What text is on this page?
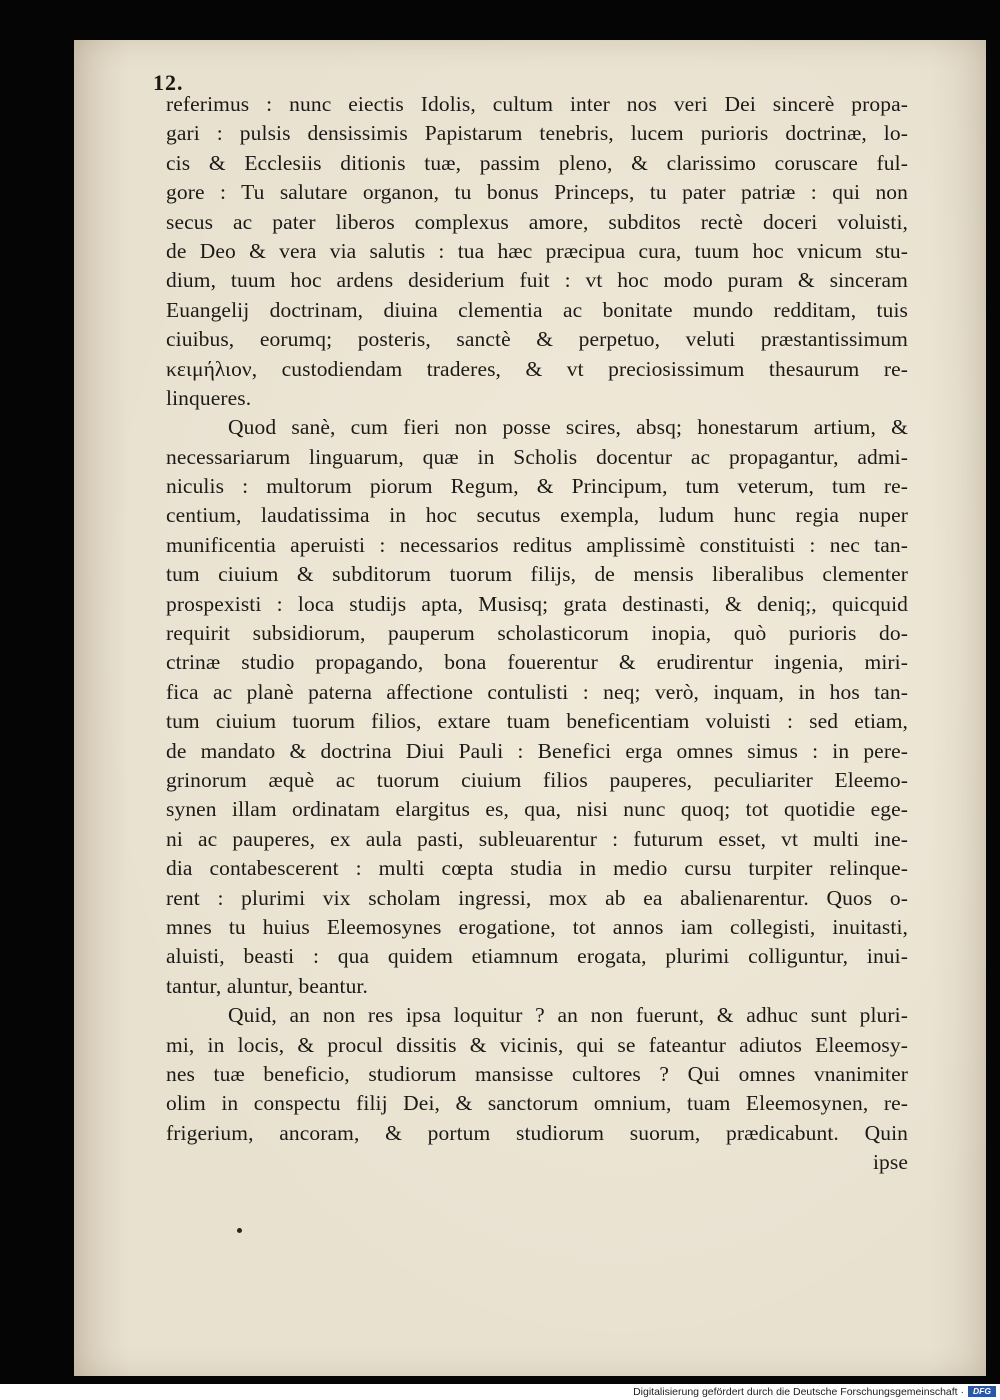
12.
referimus : nunc eiectis Idolis, cultum inter nos veri Dei sincerè propa-
gari : pulsis densissimis Papistarum tenebris, lucem purioris doctrinæ, lo-
cis & Ecclesiis ditionis tuæ, passim pleno, & clarissimo coruscare ful-
gore : Tu salutare organon, tu bonus Princeps, tu pater patriæ : qui non
secus ac pater liberos complexus amore, subditos rectè doceri voluisti,
de Deo & vera via salutis : tua hæc præcipua cura, tuum hoc vnicum stu-
dium, tuum hoc ardens desiderium fuit : vt hoc modo puram & sinceram
Euangelij doctrinam, diuina clementia ac bonitate mundo redditam, tuis
ciuibus, eorumq; posteris, sanctè & perpetuo, veluti præstantissimum
κειμήλιον, custodiendam traderes, & vt preciosissimum thesaurum re-
linqueres.
Quod sanè, cum fieri non posse scires, absq; honestarum artium, &
necessariarum linguarum, quæ in Scholis docentur ac propagantur, admi-
niculis : multorum piorum Regum, & Principum, tum veterum, tum re-
centium, laudatissima in hoc secutus exempla, ludum hunc regia nuper
munificentia aperuisti : necessarios reditus amplissimè constituisti : nec tan-
tum ciuium & subditorum tuorum filijs, de mensis liberalibus clementer
prospexisti : loca studijs apta, Musisq; grata destinasti, & deniq;, quicquid
requirit subsidiorum, pauperum scholasticorum inopia, quò purioris do-
ctrinæ studio propagando, bona fouerentur & erudirentur ingenia, miri-
fica ac planè paterna affectione contulisti : neq; verò, inquam, in hos tan-
tum ciuium tuorum filios, extare tuam beneficentiam voluisti : sed etiam,
de mandato & doctrina Diui Pauli : Benefici erga omnes simus : in pere-
grinorum æquè ac tuorum ciuium filios pauperes, peculiariter Eleemo-
synen illam ordinatam elargitus es, qua, nisi nunc quoq; tot quotidie ege-
ni ac pauperes, ex aula pasti, subleuarentur : futurum esset, vt multi ine-
dia contabescerent : multi cœpta studia in medio cursu turpiter relinque-
rent : plurimi vix scholam ingressi, mox ab ea abalienarentur. Quos o-
mnes tu huius Eleemosynes erogatione, tot annos iam collegisti, inuitasti,
aluisti, beasti : qua quidem etiamnum erogata, plurimi colliguntur, inui-
tantur, aluntur, beantur.
Quid, an non res ipsa loquitur ? an non fuerunt, & adhuc sunt pluri-
mi, in locis, & procul dissitis & vicinis, qui se fateantur adiutos Eleemosy-
nes tuæ beneficio, studiorum mansisse cultores ? Qui omnes vnanimiter
olim in conspectu filij Dei, & sanctorum omnium, tuam Eleemosynen, re-
frigerium, ancoram, & portum studiorum suorum, prædicabunt. Quin
ipse
Digitalisierung gefördert durch die Deutsche Forschungsgemeinschaft ·	DFG
